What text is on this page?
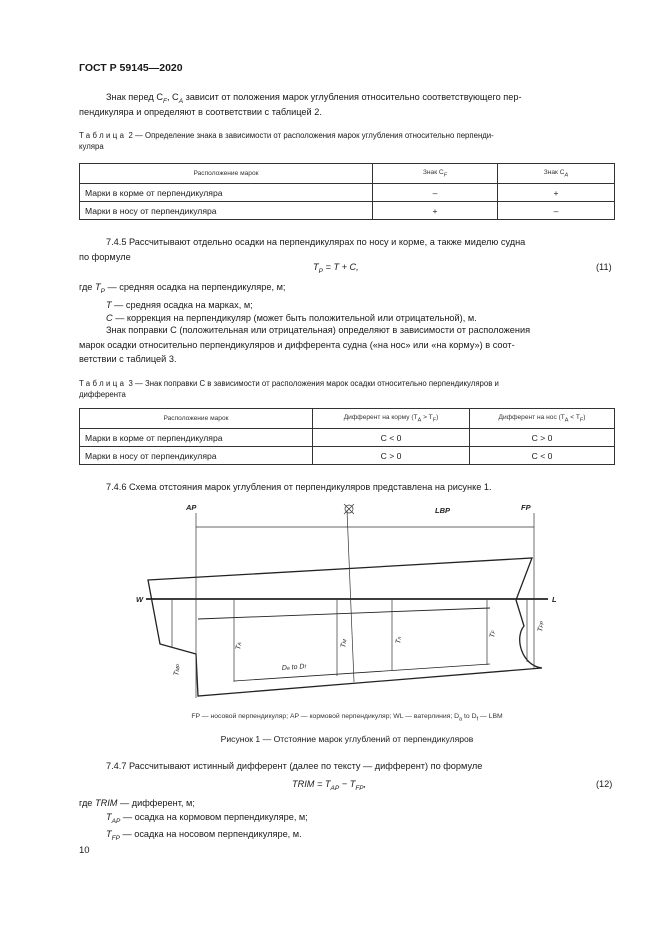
ГОСТ Р 59145—2020
Знак перед $C_F$, $C_A$ зависит от положения марок углубления относительно соответствующего пер-
пендикуляра и определяют в соответствии с таблицей 2.
Таблица 2 — Определение знака в зависимости от расположения марок углубления относительно перпенди-
куляра
Расположение марок	Знак $C_F$	Знак $C_A$
Марки в корме от перпендикуляра	–	+
Марки в носу от перпендикуляра	+	–
7.4.5 Рассчитывают отдельно осадки на перпендикулярах по носу и корме, а также миделю судна
по формуле
$T_P = T + C$,	(11)
где $T_P$ — средняя осадка на перпендикуляре, м;
T — средняя осадка на марках, м;
C — коррекция на перпендикуляр (может быть положительной или отрицательной), м.
Знак поправки C (положительная или отрицательная) определяют в зависимости от расположения
марок осадки относительно перпендикуляров и дифферента судна («на нос» или «на корму») в соот-
ветствии с таблицей 3.
Таблица 3 — Знак поправки C в зависимости от расположения марок осадки относительно перпендикуляров и
дифферента
Расположение марок	Дифферент на корму $(T_A > T_F)$	Дифферент на нос $(T_A < T_F)$
Марки в корме от перпендикуляра	C < 0	C > 0
Марки в носу от перпендикуляра	C > 0	C < 0
7.4.6 Схема отстояния марок углубления от перпендикуляров представлена на рисунке 1.
AP	LBP	FP
W	L
TMP
TA	TM	Tn	TF	TFP
Da to Df
FP — носовой перпендикуляр; AP — кормовой перпендикуляр; WL — ватерлиния; $D_a$ to $D_f$ — LBM
Рисунок 1 — Отстояние марок углублений от перпендикуляров
7.4.7 Рассчитывают истинный дифферент (далее по тексту — дифферент) по формуле
TRIM = $T_{AP} - T_{FP}$,	(12)
где TRIM — дифферент, м;
$T_{AP}$ — осадка на кормовом перпендикуляре, м;
$T_{FP}$ — осадка на носовом перпендикуляре, м.
10
